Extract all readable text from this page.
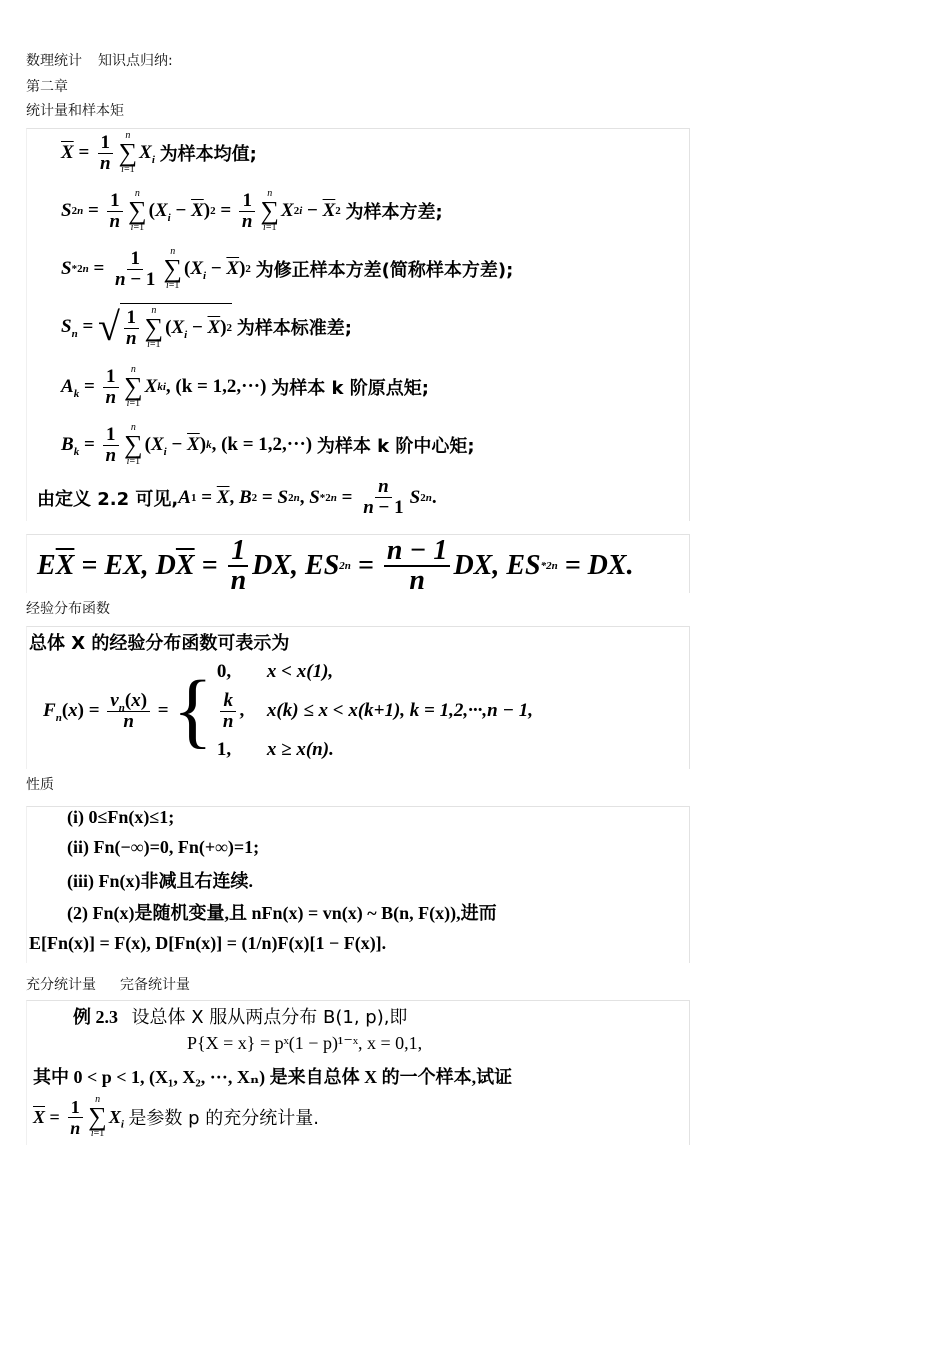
数理统计 知识点归纳:
第二章
统计量和样本矩
$\overline{X} = \frac{1}{n}$ n
∑
i=1
$X_i$
为样本均值;
S 2 $n = \frac{1}{n}$ n
∑
i=1
( $X_i - \overline{X}$ ) $2 = \frac{1}{n}$ n
∑
i=1
X 2 $i - \overline{X}$ 2
为样本方差;
S *2 $n = \frac{1}{n - 1}$ n
∑
i=1
( $X_i - \overline{X}$ ) 2
为修正样本方差(简称样本方差);
$S_n$ = √ $\frac{1}{n}$ n
∑
i=1
( $X_i - \overline{X}$ ) 2
为样本标准差;
$A_k = \frac{1}{n}$ n
∑
i=1
X k i , (k = 1,2,···)
为样本 k 阶原点矩;
$B_k = \frac{1}{n}$ n
∑
i=1
( $X_i - \overline{X}$ ) k , (k = 1,2,···)
为样本 k 阶中心矩;
由定义 2.2 可见, A $1 = \overline{X}$ , B 2 = S 2 n , S *2 $n = \frac{n}{n - 1}$ S 2 n .
E $\overline{X}$ = EX, D $\overline{X} = \frac{1}{n}$ DX, ES 2 $n = \frac{n - 1}{n}$ DX, ES *2 n = DX.
经验分布函数
总体 X 的经验分布函数可表示为
$F_n$ ( x ) = $\frac{v_n(x)}{n}$ = { 0,	x < x(1),
$\frac{k}{n}$ ,	x(k) ≤ x < x(k+1), k = 1,2,···,n − 1,
1,	x ≥ x(n).
性质
(i) 0≤Fn(x)≤1;
(ii) Fn(−∞)=0, Fn(+∞)=1;
(iii) Fn(x)非减且右连续.
(2) Fn(x)是随机变量,且 nFn(x) = vn(x) ~ B(n, F(x)),进而
E[Fn(x)] = F(x), D[Fn(x)] = (1/n)F(x)[1 − F(x)].
充分统计量 完备统计量
例 2.3
设总体 X 服从两点分布 B(1, p),即
P{X = x} = pˣ(1 − p)¹⁻ˣ, x = 0,1,
其中 0 < p < 1, (X₁, X₂, ···, Xₙ) 是来自总体 X 的一个样本,试证
$\overline{X} = \frac{1}{n}$ n
∑
i=1
$X_i$
是参数 p 的充分统计量.
